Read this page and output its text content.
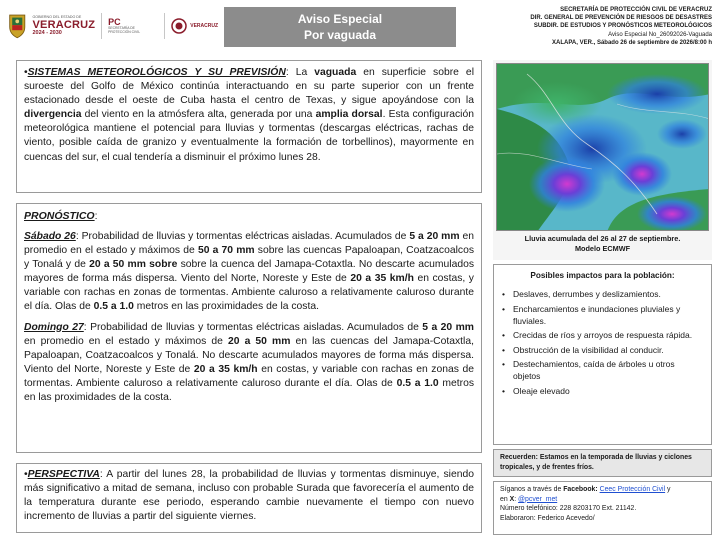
GOBIERNO DEL ESTADO DE
VERACRUZ
2024 - 2030
PC
SECRETARÍA DE PROTECCIÓN CIVIL
VERACRUZ	Aviso Especial
Por vaguada
SECRETARÍA DE PROTECCIÓN CIVIL DE VERACRUZ
DIR. GENERAL DE PREVENCIÓN DE RIESGOS DE DESASTRES
SUBDIR. DE ESTUDIOS Y PRONÓSTICOS METEOROLÓGICOS
Aviso Especial No_26092026-Vaguada
XALAPA, VER., Sábado 26 de septiembre de 2026/8:00 h

•SISTEMAS METEOROLÓGICOS Y SU PREVISIÓN: La vaguada en superficie sobre el suroeste del Golfo de México continúa interactuando en su parte superior con un frente estacionado desde el oeste de Cuba hasta el centro de Texas, y sigue apoyándose con la divergencia del viento en la atmósfera alta, generada por una amplia dorsal. Esta configuración meteorológica mantiene el potencial para lluvias y tormentas (descargas eléctricas, rachas de viento, posible caída de granizo y eventualmente la formación de torbellinos), mayormente en cuencas del sur, el cual tendería a disminuir el próximo lunes 28.

PRONÓSTICO:

Sábado 26: Probabilidad de lluvias y tormentas eléctricas aisladas. Acumulados de 5 a 20 mm en promedio en el estado y máximos de 50 a 70 mm sobre las cuencas Papaloapan, Coatzacoalcos y Tonalá y de 20 a 50 mm sobre sobre la cuenca del Jamapa-Cotaxtla. No descarte acumulados mayores de forma más dispersa. Viento del Norte, Noreste y Este de 20 a 35 km/h en costas, y variable con rachas en zonas de tormentas. Ambiente caluroso a relativamente caluroso durante el día. Olas de 0.5 a 1.0 metros en las proximidades de la costa.

Domingo 27: Probabilidad de lluvias y tormentas eléctricas aisladas. Acumulados de 5 a 20 mm en promedio en el estado y máximos de 20 a 50 mm en las cuencas del Jamapa-Cotaxtla, Papaloapan, Coatzacoalcos y Tonalá. No descarte acumulados mayores de forma más dispersa. Viento del Norte, Noreste y Este de 20 a 35 km/h en costas, y variable con rachas en zonas de tormentas. Ambiente caluroso a relativamente caluroso durante el día. Olas de 0.5 a 1.0 metros en las proximidades de la costa.

•PERSPECTIVA: A partir del lunes 28, la probabilidad de lluvias y tormentas disminuye, siendo más significativo a mitad de semana, incluso con probable Surada que favorecería el aumento de la temperatura durante ese periodo, esperando cambie nuevamente el tiempo con nuevo incremento de lluvias a partir del siguiente viernes.

Lluvia acumulada del 26 al 27 de septiembre.
Modelo ECMWF
Posibles impactos para la población:
• Deslaves, derrumbes y deslizamientos.
• Encharcamientos e inundaciones pluviales y fluviales.
• Crecidas de ríos y arroyos de respuesta rápida.
• Obstrucción de la visibilidad al conducir.
• Destechamientos, caída de árboles u otros objetos
• Oleaje elevado
Recuerden: Estamos en la temporada de lluvias y ciclones tropicales, y de frentes fríos.
Síganos a través de Facebook: Ceec Protección Civil y
en X: @pcver_met
Número telefónico: 228 8203170 Ext. 21142.
Elaboraron: Federico Acevedo/
